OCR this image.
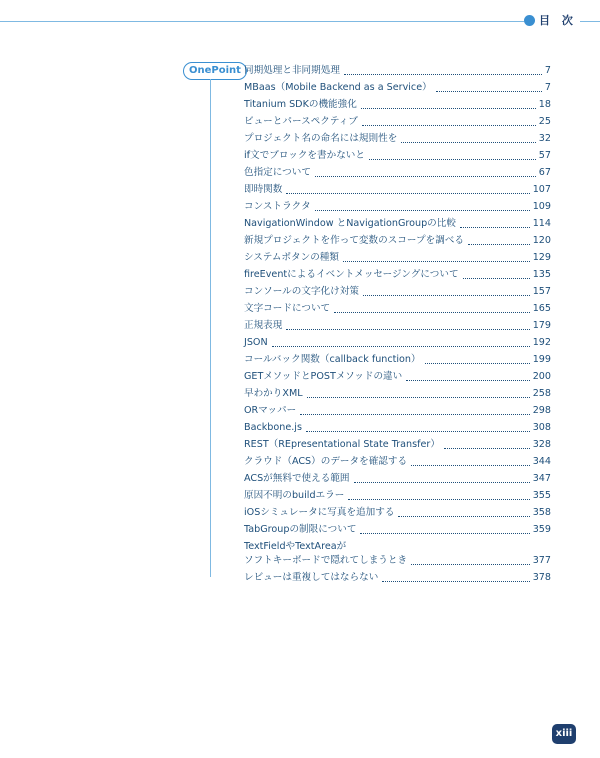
目 次
OnePoint 同期処理と非同期処理	7
MBaas（Mobile Backend as a Service）	7
Titanium SDKの機能強化	18
ビューとパースペクティブ	25
プロジェクト名の命名には規則性を	32
if文でブロックを書かないと	57
色指定について	67
即時関数	107
コンストラクタ	109
NavigationWindow とNavigationGroupの比較	114
新規プロジェクトを作って変数のスコープを調べる	120
システムボタンの種類	129
fireEventによるイベントメッセージングについて	135
コンソールの文字化け対策	157
文字コードについて	165
正規表現	179
JSON	192
コールバック関数（callback function）	199
GETメソッドとPOSTメソッドの違い	200
早わかりXML	258
ORマッパー	298
Backbone.js	308
REST（REpresentational State Transfer）	328
クラウド（ACS）のデータを確認する	344
ACSが無料で使える範囲	347
原因不明のbuildエラー	355
iOSシミュレータに写真を追加する	358
TabGroupの制限について	359
TextFieldやTextAreaが
ソフトキーボードで隠れてしまうとき	377
レビューは重複してはならない	378
xiii
